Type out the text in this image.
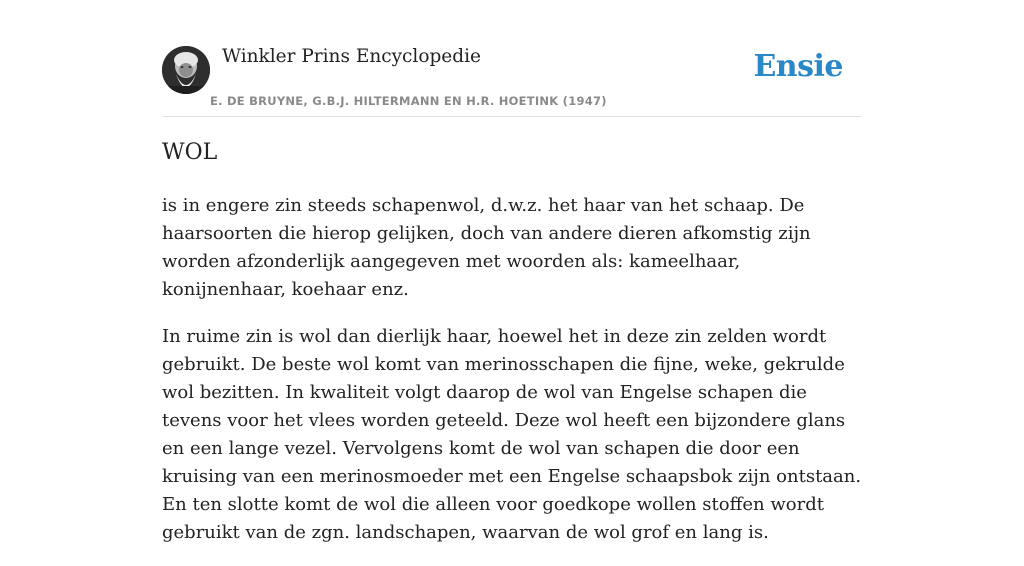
Winkler Prins Encyclopedie
E. DE BRUYNE, G.B.J. HILTERMANN EN H.R. HOETINK (1947)
Ensie
WOL

is in engere zin steeds schapenwol, d.w.z. het haar van het schaap. De haarsoorten die hierop gelijken, doch van andere dieren afkomstig zijn worden afzonderlijk aangegeven met woorden als: kameelhaar, konijnenhaar, koehaar enz.

In ruime zin is wol dan dierlijk haar, hoewel het in deze zin zelden wordt gebruikt. De beste wol komt van merinosschapen die fijne, weke, gekrulde wol bezitten. In kwaliteit volgt daarop de wol van Engelse schapen die tevens voor het vlees worden geteeld. Deze wol heeft een bijzondere glans en een lange vezel. Vervolgens komt de wol van schapen die door een kruising van een merinosmoeder met een Engelse schaapsbok zijn ontstaan. En ten slotte komt de wol die alleen voor goedkope wollen stoffen wordt gebruikt van de zgn. landschapen, waarvan de wol grof en lang is.
